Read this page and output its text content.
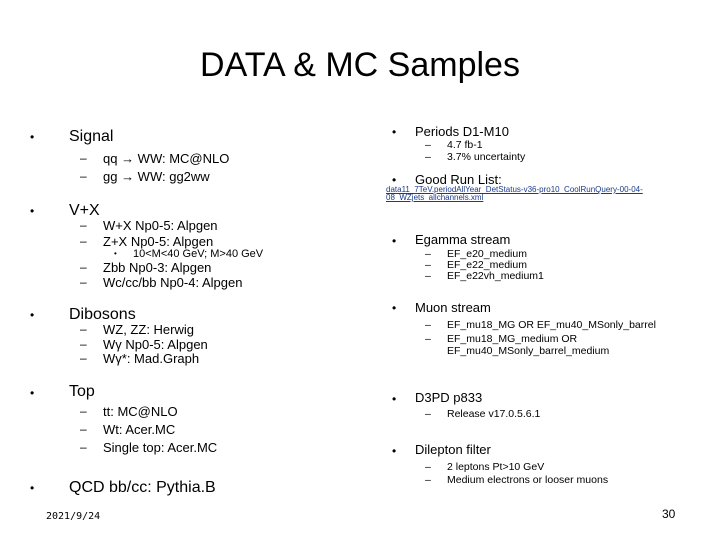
DATA & MC Samples
• Signal
– qq → WW: MC@NLO
– gg → WW: gg2ww
• V+X
– W+X Np0-5: Alpgen
– Z+X Np0-5: Alpgen
• 10<M<40 GeV; M>40 GeV
– Zbb Np0-3: Alpgen
– Wc/cc/bb Np0-4: Alpgen
• Dibosons
– WZ, ZZ: Herwig
– Wγ Np0-5: Alpgen
– Wγ*: Mad.Graph
• Top
– tt: MC@NLO
– Wt: Acer.MC
– Single top: Acer.MC
• QCD bb/cc: Pythia.B
• Periods D1-M10
– 4.7 fb-1
– 3.7% uncertainty
• Good Run List:
data11_7TeV.periodAllYear_DetStatus-v36-pro10_CoolRunQuery-00-04-08_WZjets_allchannels.xml
• Egamma stream
– EF_e20_medium
– EF_e22_medium
– EF_e22vh_medium1
• Muon stream
– EF_mu18_MG OR EF_mu40_MSonly_barrel
– EF_mu18_MG_medium OR
EF_mu40_MSonly_barrel_medium
• D3PD p833
– Release v17.0.5.6.1
• Dilepton filter
– 2 leptons Pt>10 GeV
– Medium electrons or looser muons
2021/9/24	30
